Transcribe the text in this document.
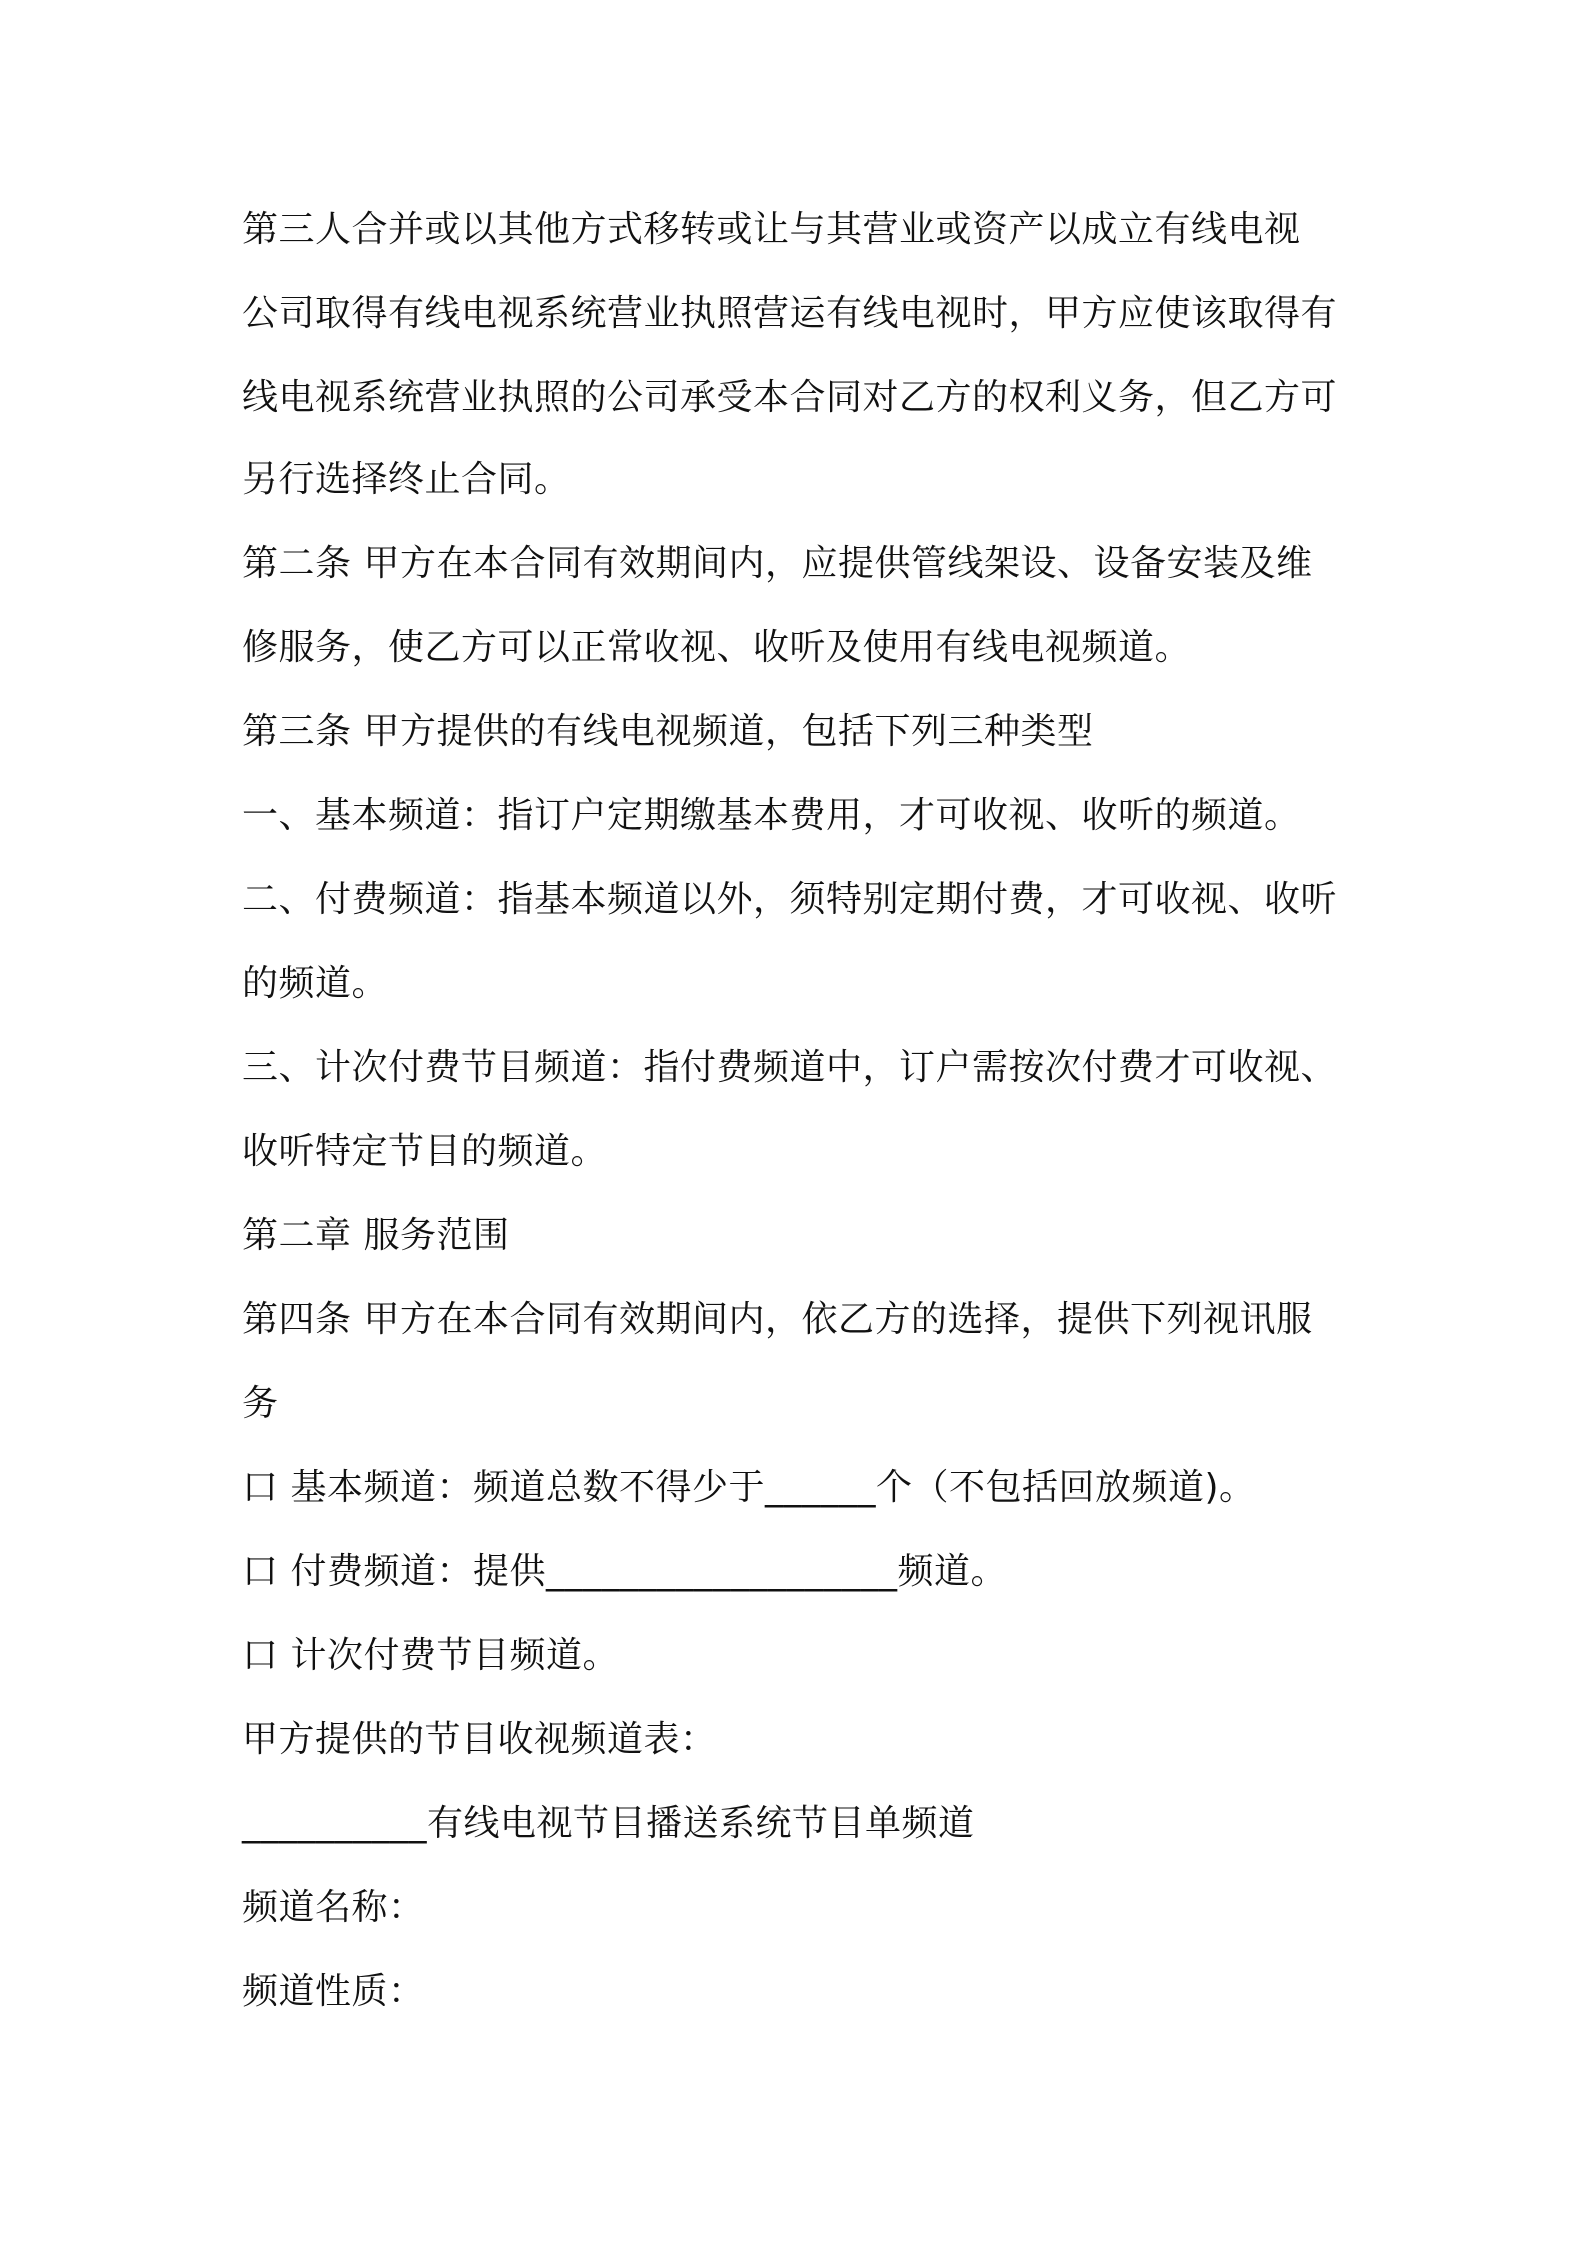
第三人合并或以其他方式移转或让与其营业或资产以成立有线电视
公司取得有线电视系统营业执照营运有线电视时，甲方应使该取得有
线电视系统营业执照的公司承受本合同对乙方的权利义务，但乙方可
另行选择终止合同。
第二条 甲方在本合同有效期间内，应提供管线架设、设备安装及维
修服务，使乙方可以正常收视、收听及使用有线电视频道。
第三条 甲方提供的有线电视频道，包括下列三种类型
一、基本频道：指订户定期缴基本费用，才可收视、收听的频道。
二、付费频道：指基本频道以外，须特别定期付费，才可收视、收听
的频道。
三、计次付费节目频道：指付费频道中，订户需按次付费才可收视、
收听特定节目的频道。
第二章 服务范围
第四条 甲方在本合同有效期间内，依乙方的选择，提供下列视讯服
务
口 基本频道：频道总数不得少于______个（不包括回放频道)。
口 付费频道：提供___________________频道。
口 计次付费节目频道。
甲方提供的节目收视频道表：
__________有线电视节目播送系统节目单频道
频道名称：
频道性质：
